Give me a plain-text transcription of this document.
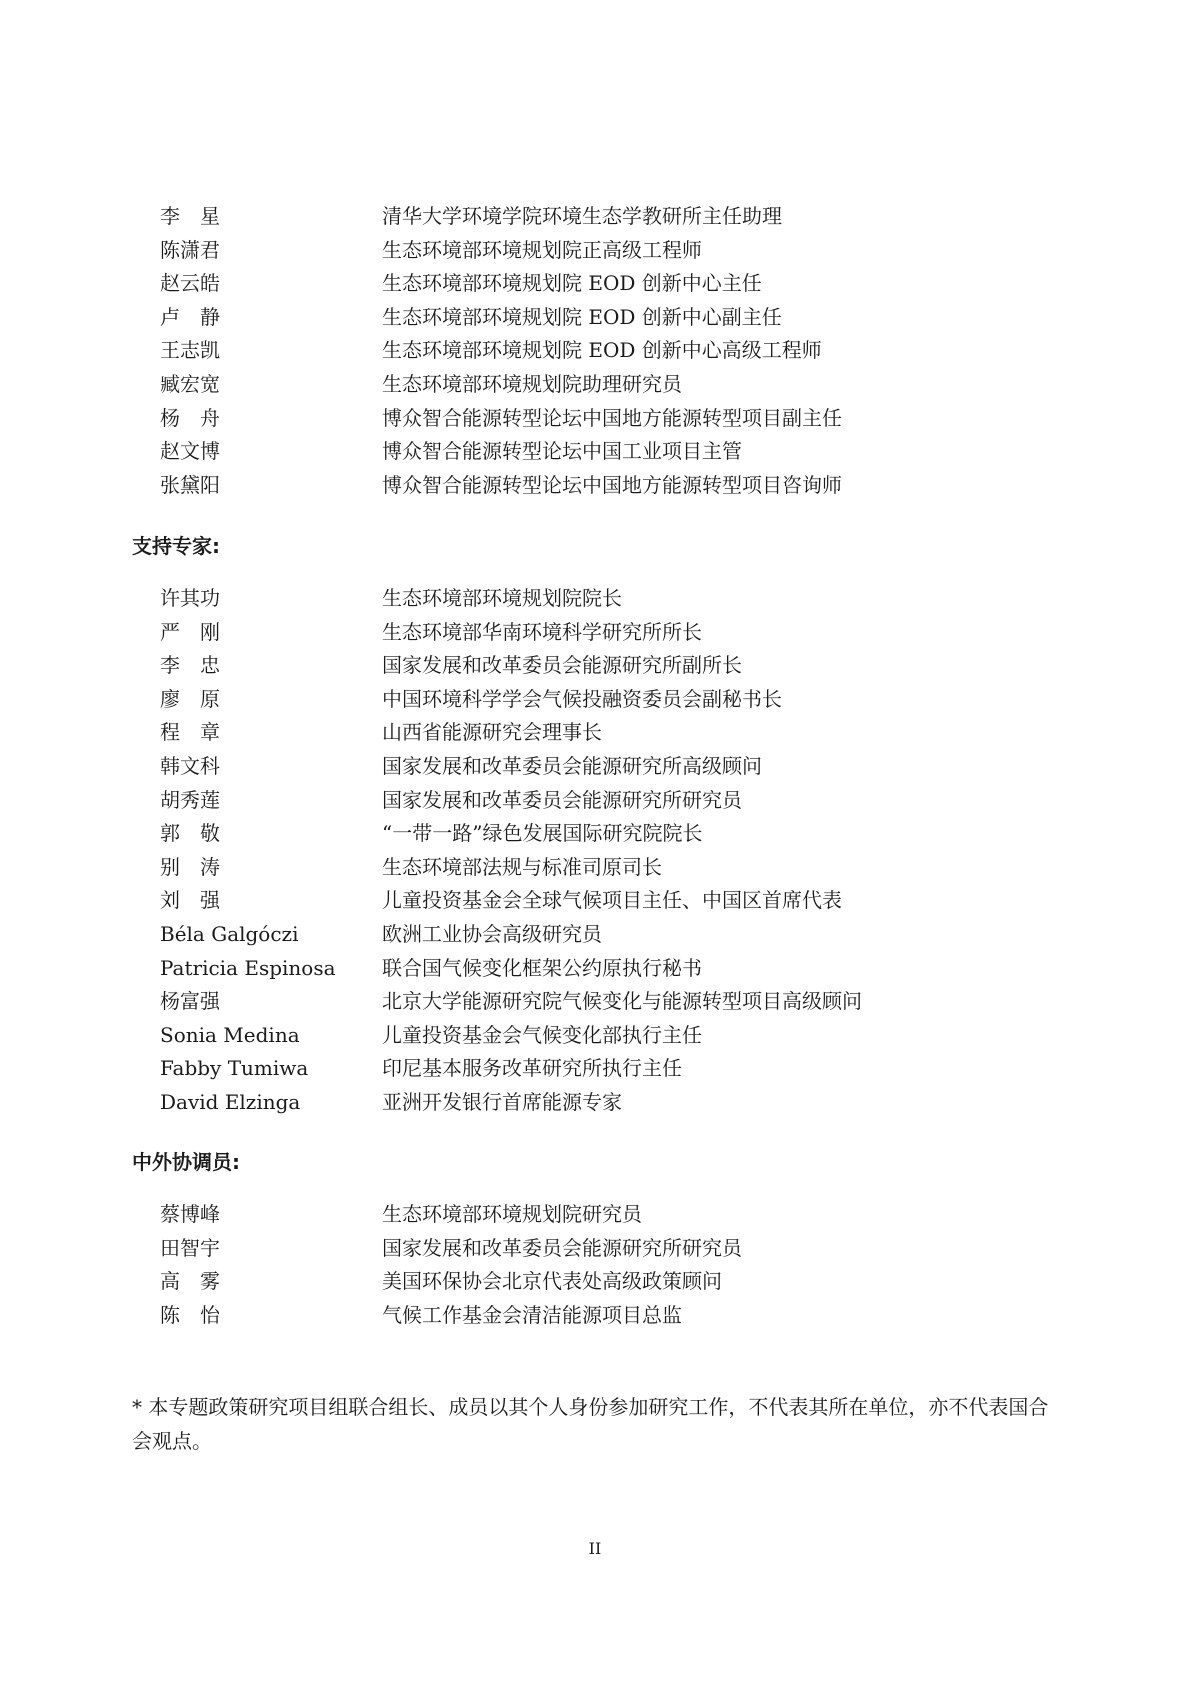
李　星	清华大学环境学院环境生态学教研所主任助理
陈潇君	生态环境部环境规划院正高级工程师
赵云皓	生态环境部环境规划院 EOD 创新中心主任
卢　静	生态环境部环境规划院 EOD 创新中心副主任
王志凯	生态环境部环境规划院 EOD 创新中心高级工程师
臧宏宽	生态环境部环境规划院助理研究员
杨　舟	博众智合能源转型论坛中国地方能源转型项目副主任
赵文博	博众智合能源转型论坛中国工业项目主管
张黛阳	博众智合能源转型论坛中国地方能源转型项目咨询师
支持专家:
许其功	生态环境部环境规划院院长
严　刚	生态环境部华南环境科学研究所所长
李　忠	国家发展和改革委员会能源研究所副所长
廖　原	中国环境科学学会气候投融资委员会副秘书长
程　章	山西省能源研究会理事长
韩文科	国家发展和改革委员会能源研究所高级顾问
胡秀莲	国家发展和改革委员会能源研究所研究员
郭　敬	“一带一路”绿色发展国际研究院院长
别　涛	生态环境部法规与标准司原司长
刘　强	儿童投资基金会全球气候项目主任、中国区首席代表
Béla Galgóczi	欧洲工业协会高级研究员
Patricia Espinosa 联合国气候变化框架公约原执行秘书
杨富强	北京大学能源研究院气候变化与能源转型项目高级顾问
Sonia Medina	儿童投资基金会气候变化部执行主任
Fabby Tumiwa	印尼基本服务改革研究所执行主任
David Elzinga	亚洲开发银行首席能源专家
中外协调员:
蔡博峰	生态环境部环境规划院研究员
田智宇	国家发展和改革委员会能源研究所研究员
高　雾	美国环保协会北京代表处高级政策顾问
陈　怡	气候工作基金会清洁能源项目总监
* 本专题政策研究项目组联合组长、成员以其个人身份参加研究工作，不代表其所在单位，亦不代表国合会观点。
II
